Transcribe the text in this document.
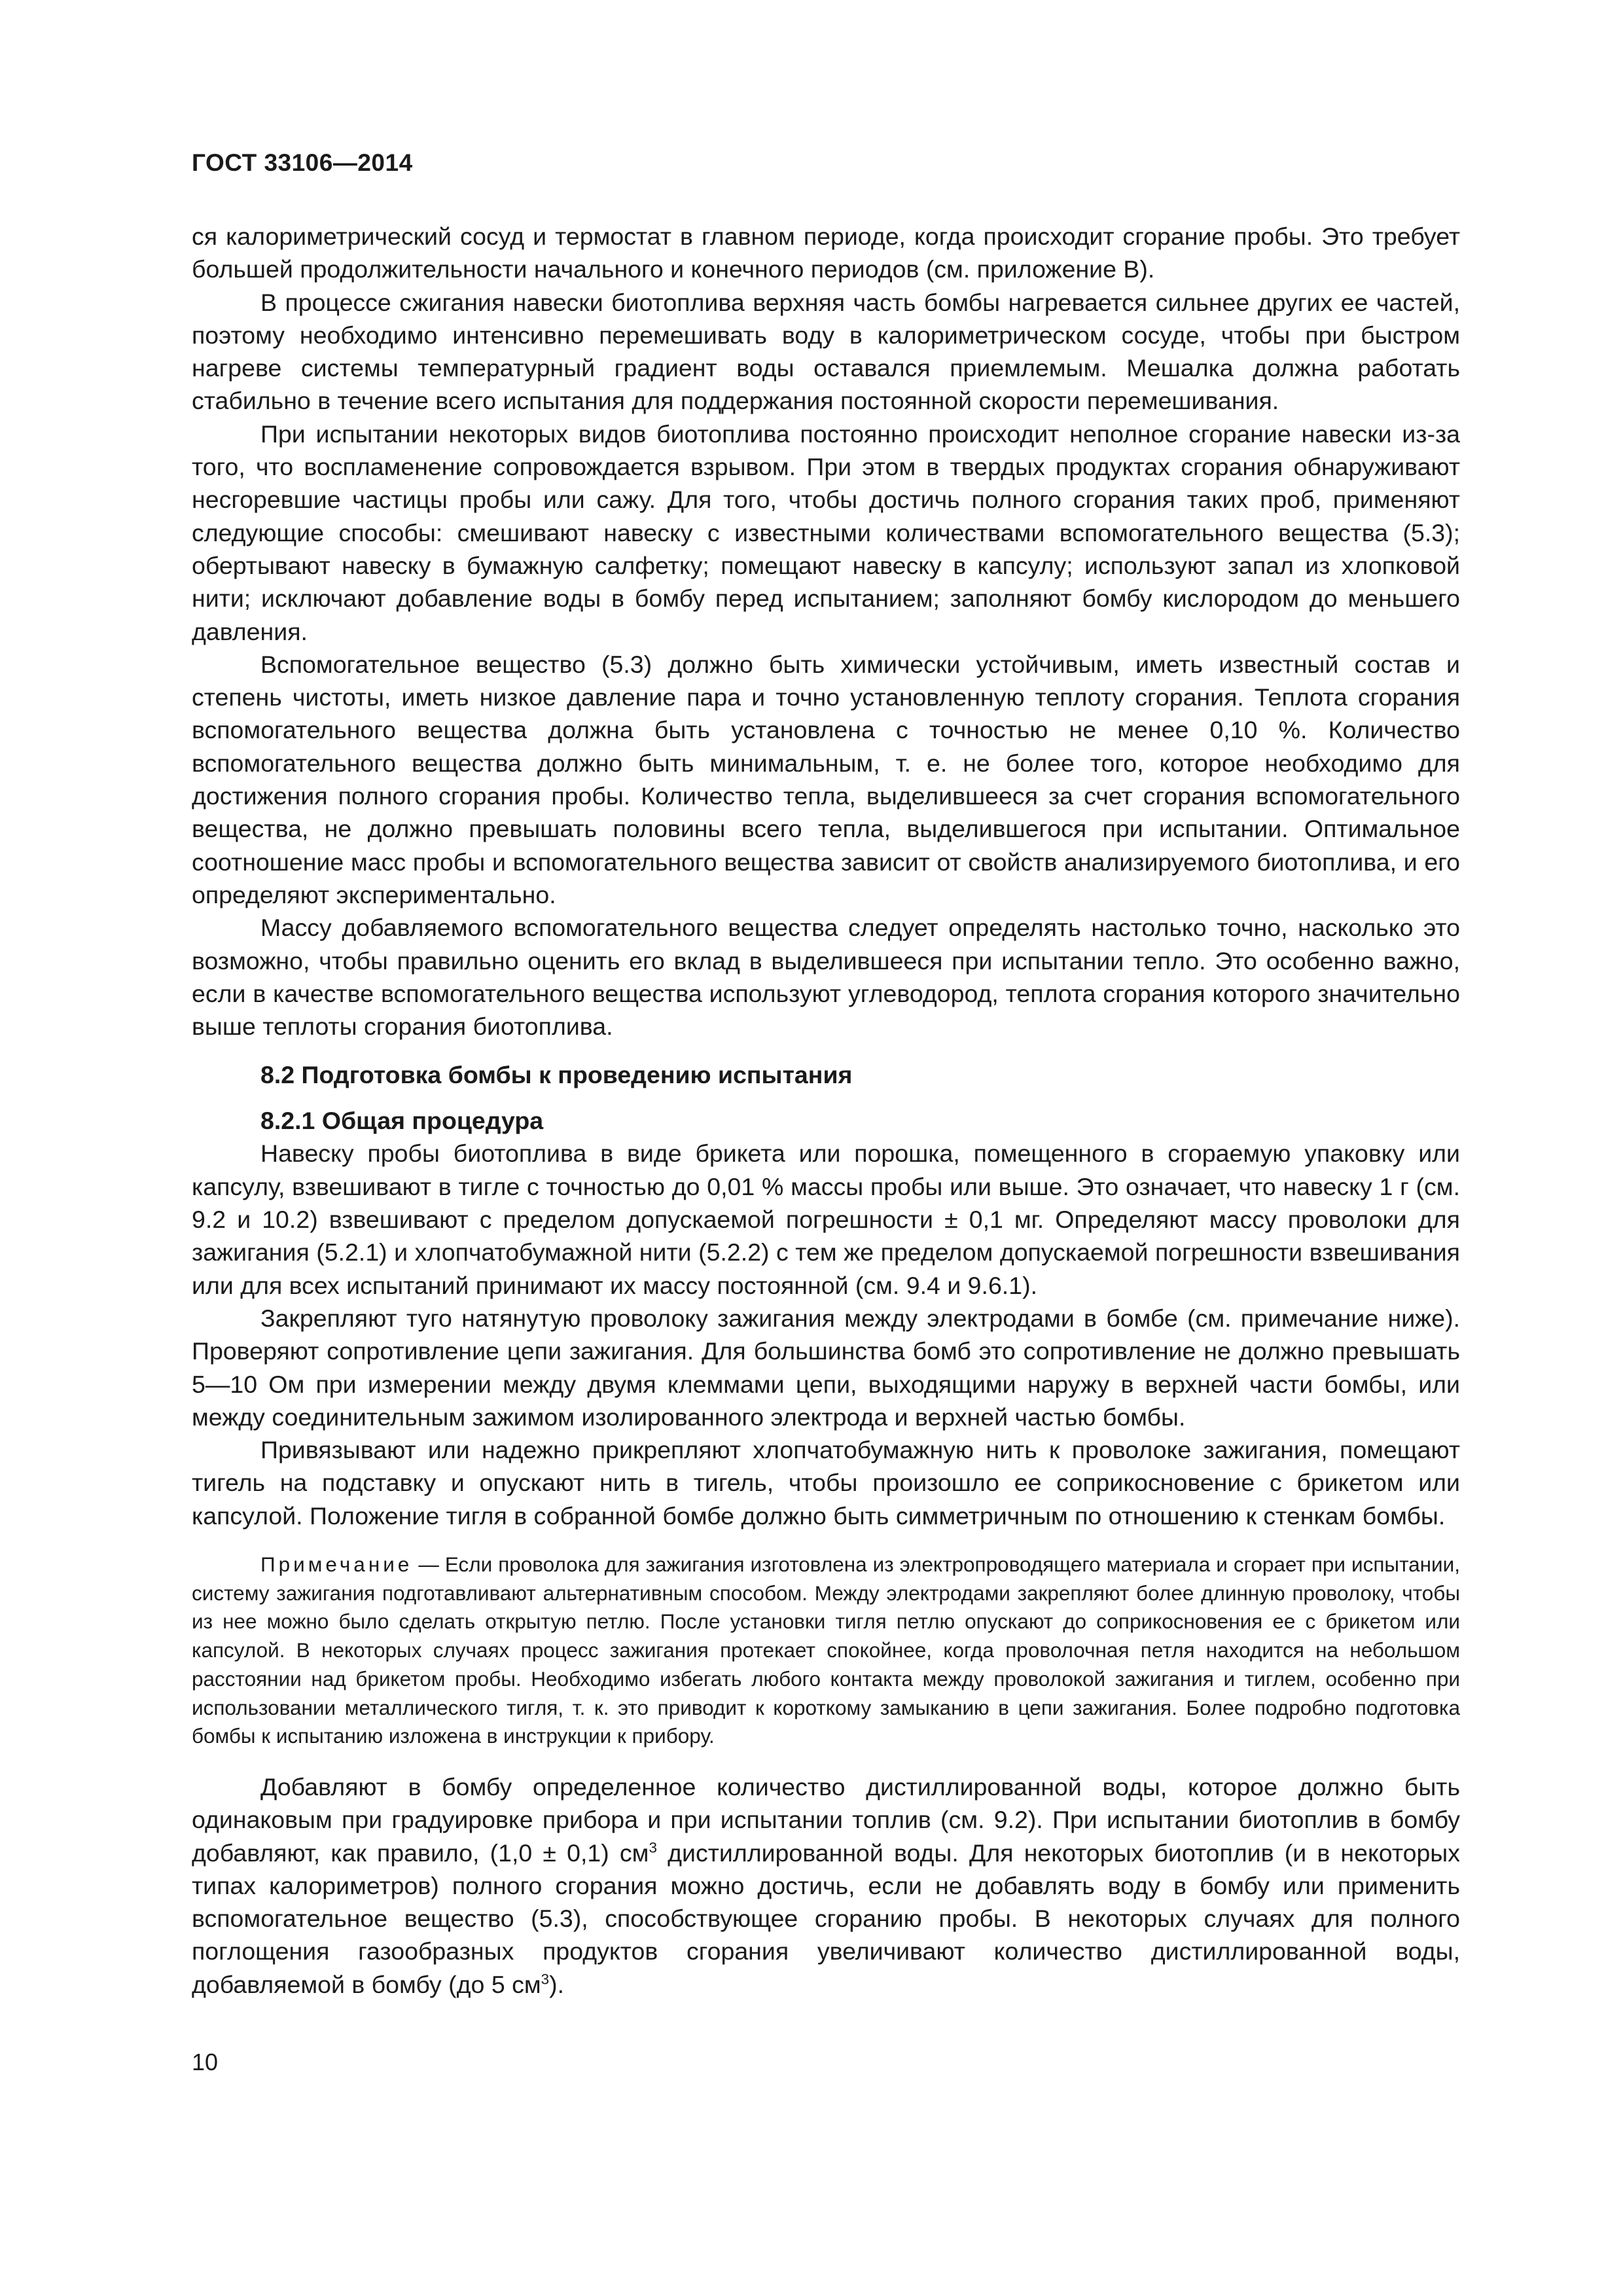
ГОСТ 33106—2014

ся калориметрический сосуд и термостат в главном периоде, когда происходит сгорание пробы. Это требует большей продолжительности начального и конечного периодов (см. приложение В).

В процессе сжигания навески биотоплива верхняя часть бомбы нагревается сильнее других ее частей, поэтому необходимо интенсивно перемешивать воду в калориметрическом сосуде, чтобы при быстром нагреве системы температурный градиент воды оставался приемлемым. Мешалка должна работать стабильно в течение всего испытания для поддержания постоянной скорости перемешивания.

При испытании некоторых видов биотоплива постоянно происходит неполное сгорание навески из-за того, что воспламенение сопровождается взрывом. При этом в твердых продуктах сгорания обнаруживают несгоревшие частицы пробы или сажу. Для того, чтобы достичь полного сгорания таких проб, применяют следующие способы: смешивают навеску с известными количествами вспомогательного вещества (5.3); обертывают навеску в бумажную салфетку; помещают навеску в капсулу; используют запал из хлопковой нити; исключают добавление воды в бомбу перед испытанием; заполняют бомбу кислородом до меньшего давления.

Вспомогательное вещество (5.3) должно быть химически устойчивым, иметь известный состав и степень чистоты, иметь низкое давление пара и точно установленную теплоту сгорания. Теплота сгорания вспомогательного вещества должна быть установлена с точностью не менее 0,10 %. Количество вспомогательного вещества должно быть минимальным, т. е. не более того, которое необходимо для достижения полного сгорания пробы. Количество тепла, выделившееся за счет сгорания вспомогательного вещества, не должно превышать половины всего тепла, выделившегося при испытании. Оптимальное соотношение масс пробы и вспомогательного вещества зависит от свойств анализируемого биотоплива, и его определяют экспериментально.

Массу добавляемого вспомогательного вещества следует определять настолько точно, насколько это возможно, чтобы правильно оценить его вклад в выделившееся при испытании тепло. Это особенно важно, если в качестве вспомогательного вещества используют углеводород, теплота сгорания которого значительно выше теплоты сгорания биотоплива.

8.2 Подготовка бомбы к проведению испытания

8.2.1 Общая процедура

Навеску пробы биотоплива в виде брикета или порошка, помещенного в сгораемую упаковку или капсулу, взвешивают в тигле с точностью до 0,01 % массы пробы или выше. Это означает, что навеску 1 г (см. 9.2 и 10.2) взвешивают с пределом допускаемой погрешности ± 0,1 мг. Определяют массу проволоки для зажигания (5.2.1) и хлопчатобумажной нити (5.2.2) с тем же пределом допускаемой погрешности взвешивания или для всех испытаний принимают их массу постоянной (см. 9.4 и 9.6.1).

Закрепляют туго натянутую проволоку зажигания между электродами в бомбе (см. примечание ниже). Проверяют сопротивление цепи зажигания. Для большинства бомб это сопротивление не должно превышать 5—10 Ом при измерении между двумя клеммами цепи, выходящими наружу в верхней части бомбы, или между соединительным зажимом изолированного электрода и верхней частью бомбы.

Привязывают или надежно прикрепляют хлопчатобумажную нить к проволоке зажигания, помещают тигель на подставку и опускают нить в тигель, чтобы произошло ее соприкосновение с брикетом или капсулой. Положение тигля в собранной бомбе должно быть симметричным по отношению к стенкам бомбы.

Примечание — Если проволока для зажигания изготовлена из электропроводящего материала и сгорает при испытании, систему зажигания подготавливают альтернативным способом. Между электродами закрепляют более длинную проволоку, чтобы из нее можно было сделать открытую петлю. После установки тигля петлю опускают до соприкосновения ее с брикетом или капсулой. В некоторых случаях процесс зажигания протекает спокойнее, когда проволочная петля находится на небольшом расстоянии над брикетом пробы. Необходимо избегать любого контакта между проволокой зажигания и тиглем, особенно при использовании металлического тигля, т. к. это приводит к короткому замыканию в цепи зажигания. Более подробно подготовка бомбы к испытанию изложена в инструкции к прибору.

Добавляют в бомбу определенное количество дистиллированной воды, которое должно быть одинаковым при градуировке прибора и при испытании топлив (см. 9.2). При испытании биотоплив в бомбу добавляют, как правило, (1,0 ± 0,1) $см^3$ дистиллированной воды. Для некоторых биотоплив (и в некоторых типах калориметров) полного сгорания можно достичь, если не добавлять воду в бомбу или применить вспомогательное вещество (5.3), способствующее сгоранию пробы. В некоторых случаях для полного поглощения газообразных продуктов сгорания увеличивают количество дистиллированной воды, добавляемой в бомбу (до 5 $см^3$).

10
